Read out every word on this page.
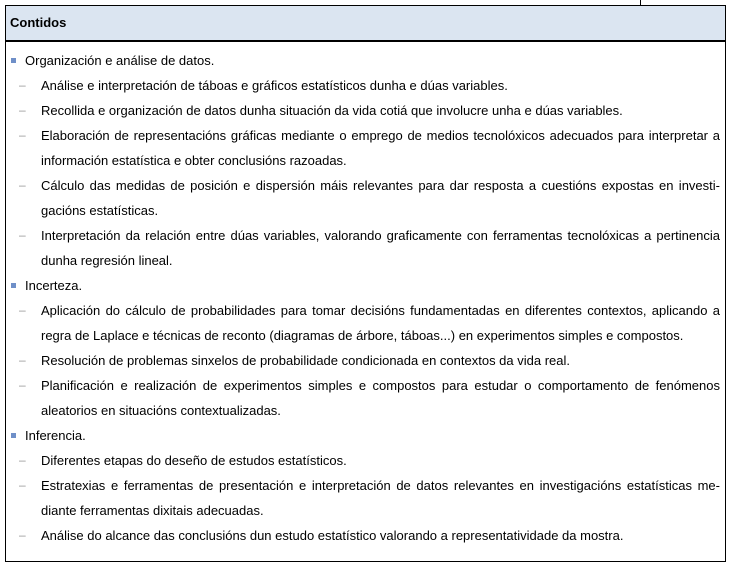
Contidos
Organización e análise de datos.
– Análise e interpretación de táboas e gráficos estatísticos dunha e dúas variables.
– Recollida e organización de datos dunha situación da vida cotiá que involucre unha e dúas variables.
– Elaboración de representacións gráficas mediante o emprego de medios tecnolóxicos adecuados para interpretar a información estatística e obter conclusións razoadas.
– Cálculo das medidas de posición e dispersión máis relevantes para dar resposta a cuestións expostas en investigacións estatísticas.
– Interpretación da relación entre dúas variables, valorando graficamente con ferramentas tecnolóxicas a pertinencia dunha regresión lineal.
Incerteza.
– Aplicación do cálculo de probabilidades para tomar decisións fundamentadas en diferentes contextos, aplicando a regra de Laplace e técnicas de reconto (diagramas de árbore, táboas...) en experimentos simples e compostos.
– Resolución de problemas sinxelos de probabilidade condicionada en contextos da vida real.
– Planificación e realización de experimentos simples e compostos para estudar o comportamento de fenómenos aleatorios en situacións contextualizadas.
Inferencia.
– Diferentes etapas do deseño de estudos estatísticos.
– Estratexias e ferramentas de presentación e interpretación de datos relevantes en investigacións estatísticas mediante ferramentas dixitais adecuadas.
– Análise do alcance das conclusións dun estudo estatístico valorando a representatividade da mostra.
